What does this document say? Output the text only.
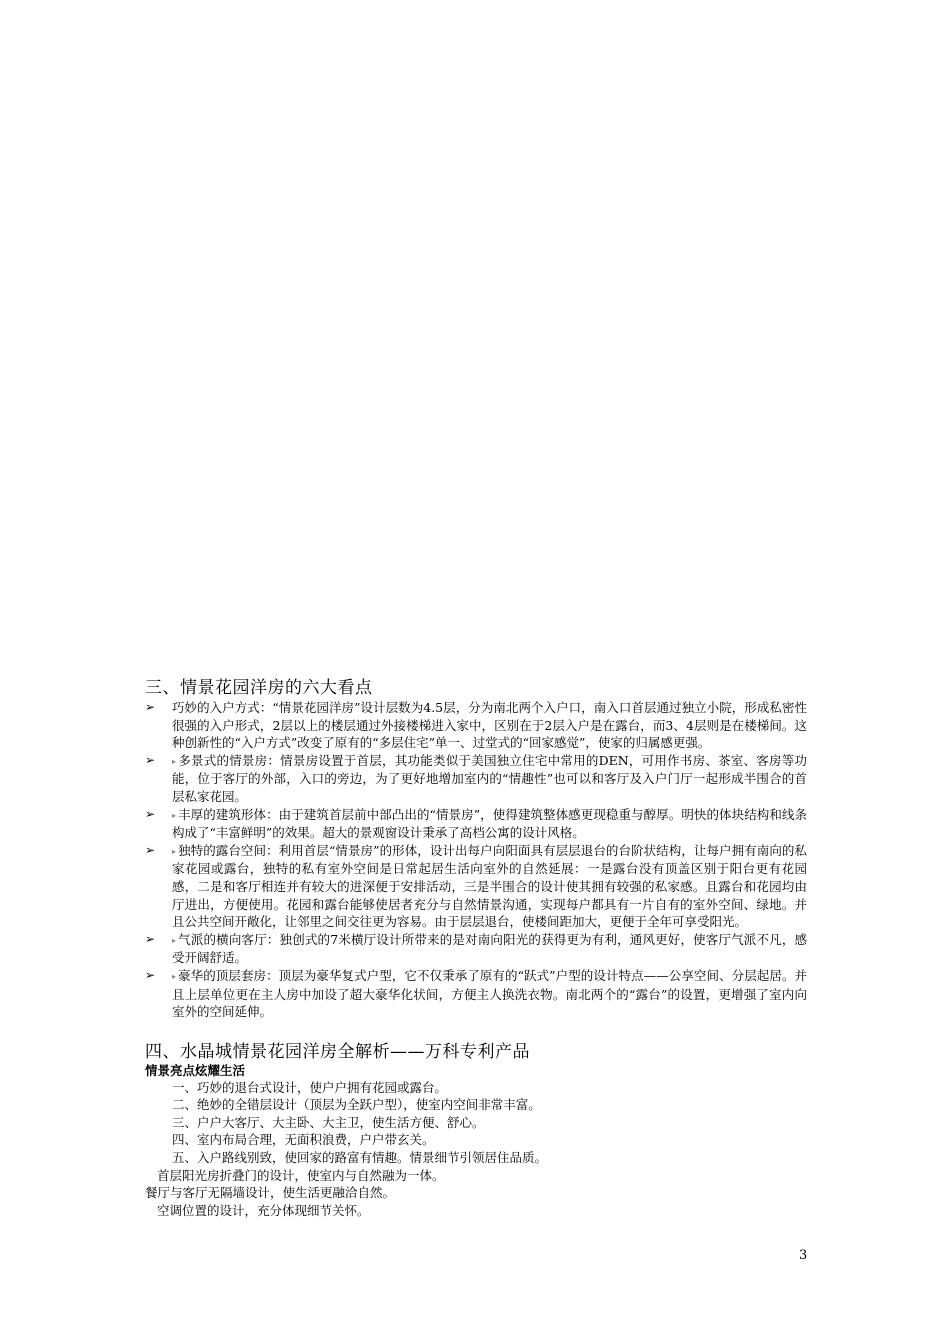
三、情景花园洋房的六大看点
➢ 巧妙的入户方式：“情景花园洋房”设计层数为4.5层，分为南北两个入户口，南入口首层通过独立小院，形成私密性很强的入户形式，2层以上的楼层通过外接楼梯进入家中，区别在于2层入户是在露台，而3、4层则是在楼梯间。这种创新性的“入户方式”改变了原有的“多层住宅”单一、过堂式的“回家感觉”，使家的归属感更强。
➢ ▸ 多景式的情景房：情景房设置于首层，其功能类似于美国独立住宅中常用的DEN，可用作书房、茶室、客房等功能，位于客厅的外部，入口的旁边，为了更好地增加室内的“情趣性”也可以和客厅及入户门厅一起形成半围合的首层私家花园。
➢ ▸ 丰厚的建筑形体：由于建筑首层前中部凸出的“情景房”，使得建筑整体感更现稳重与醇厚。明快的体块结构和线条构成了“丰富鲜明”的效果。超大的景观窗设计秉承了高档公寓的设计风格。
➢ ▸ 独特的露台空间：利用首层“情景房”的形体，设计出每户向阳面具有层层退台的台阶状结构，让每户拥有南向的私家花园或露台，独特的私有室外空间是日常起居生活向室外的自然延展：一是露台没有顶盖区别于阳台更有花园感，二是和客厅相连并有较大的进深便于安排活动，三是半围合的设计使其拥有较强的私家感。且露台和花园均由厅进出，方便使用。花园和露台能够使居者充分与自然情景沟通，实现每户都具有一片自有的室外空间、绿地。并且公共空间开敞化，让邻里之间交往更为容易。由于层层退台，使楼间距加大，更便于全年可享受阳光。
➢ ▸ 气派的横向客厅：独创式的7米横厅设计所带来的是对南向阳光的获得更为有利，通风更好，使客厅气派不凡，感受开阔舒适。
➢ ▸ 豪华的顶层套房：顶层为豪华复式户型，它不仅秉承了原有的“跃式”户型的设计特点——公享空间、分层起居。并且上层单位更在主人房中加设了超大豪华化状间，方便主人换洗衣物。南北两个的“露台”的设置，更增强了室内向室外的空间延伸。
四、水晶城情景花园洋房全解析——万科专利产品

情景亮点炫耀生活

一、巧妙的退台式设计，使户户拥有花园或露台。

二、绝妙的全错层设计（顶层为全跃户型），使室内空间非常丰富。

三、户户大客厅、大主卧、大主卫，使生活方便、舒心。

四、室内布局合理，无面积浪费，户户带玄关。

五、入户路线别致，使回家的路富有情趣。情景细节引领居住品质。

首层阳光房折叠门的设计，使室内与自然融为一体。

餐厅与客厅无隔墙设计，使生活更融洽自然。

空调位置的设计，充分体现细节关怀。

3
